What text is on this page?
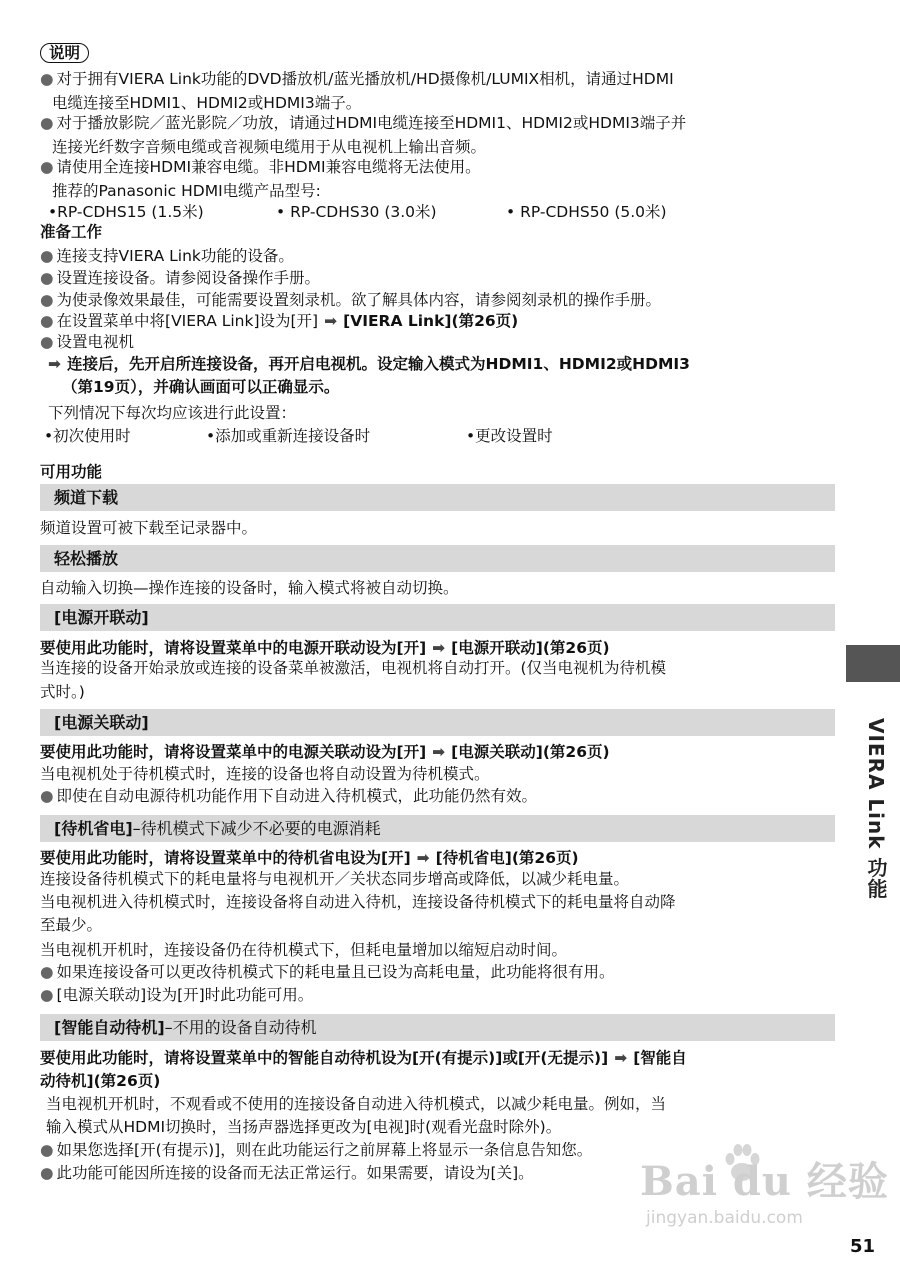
说明
● 对于拥有VIERA Link功能的DVD播放机/蓝光播放机/HD摄像机/LUMIX相机，请通过HDMI
电缆连接至HDMI1、HDMI2或HDMI3端子。
● 对于播放影院／蓝光影院／功放，请通过HDMI电缆连接至HDMI1、HDMI2或HDMI3端子并
连接光纤数字音频电缆或音视频电缆用于从电视机上输出音频。
● 请使用全连接HDMI兼容电缆。非HDMI兼容电缆将无法使用。
推荐的Panasonic HDMI电缆产品型号:
•RP-CDHS15 (1.5米)	• RP-CDHS30 (3.0米)	• RP-CDHS50 (5.0米)
准备工作
● 连接支持VIERA Link功能的设备。
● 设置连接设备。请参阅设备操作手册。
● 为使录像效果最佳，可能需要设置刻录机。欲了解具体内容，请参阅刻录机的操作手册。
● 在设置菜单中将[VIERA Link]设为[开] ➡ [VIERA Link](第26页)
● 设置电视机
➡ 连接后，先开启所连接设备，再开启电视机。设定输入模式为HDMI1、HDMI2或HDMI3
（第19页），并确认画面可以正确显示。
下列情况下每次均应该进行此设置：
•初次使用时	•添加或重新连接设备时	•更改设置时
可用功能
频道下载
频道设置可被下载至记录器中。
轻松播放
自动输入切换—操作连接的设备时，输入模式将被自动切换。
[电源开联动]
要使用此功能时，请将设置菜单中的电源开联动设为[开] ➡ [电源开联动](第26页)
当连接的设备开始录放或连接的设备菜单被激活，电视机将自动打开。(仅当电视机为待机模
式时。)
[电源关联动]
要使用此功能时，请将设置菜单中的电源关联动设为[开] ➡ [电源关联动](第26页)
当电视机处于待机模式时，连接的设备也将自动设置为待机模式。
● 即使在自动电源待机功能作用下自动进入待机模式，此功能仍然有效。
[待机省电]–待机模式下减少不必要的电源消耗
要使用此功能时，请将设置菜单中的待机省电设为[开] ➡ [待机省电](第26页)
连接设备待机模式下的耗电量将与电视机开／关状态同步增高或降低，以减少耗电量。
当电视机进入待机模式时，连接设备将自动进入待机，连接设备待机模式下的耗电量将自动降
至最少。
当电视机开机时，连接设备仍在待机模式下，但耗电量增加以缩短启动时间。
● 如果连接设备可以更改待机模式下的耗电量且已设为高耗电量，此功能将很有用。
● [电源关联动]设为[开]时此功能可用。
[智能自动待机]–不用的设备自动待机
要使用此功能时，请将设置菜单中的智能自动待机设为[开(有提示)]或[开(无提示)] ➡ [智能自
动待机](第26页)
当电视机开机时，不观看或不使用的连接设备自动进入待机模式，以减少耗电量。例如，当
输入模式从HDMI切换时，当扬声器选择更改为[电视]时(观看光盘时除外)。
● 如果您选择[开(有提示)]，则在此功能运行之前屏幕上将显示一条信息告知您。
● 此功能可能因所连接的设备而无法正常运行。如果需要，请设为[关]。
VIERA Link 功能
Bai du 经验
jingyan.baidu.com
51
